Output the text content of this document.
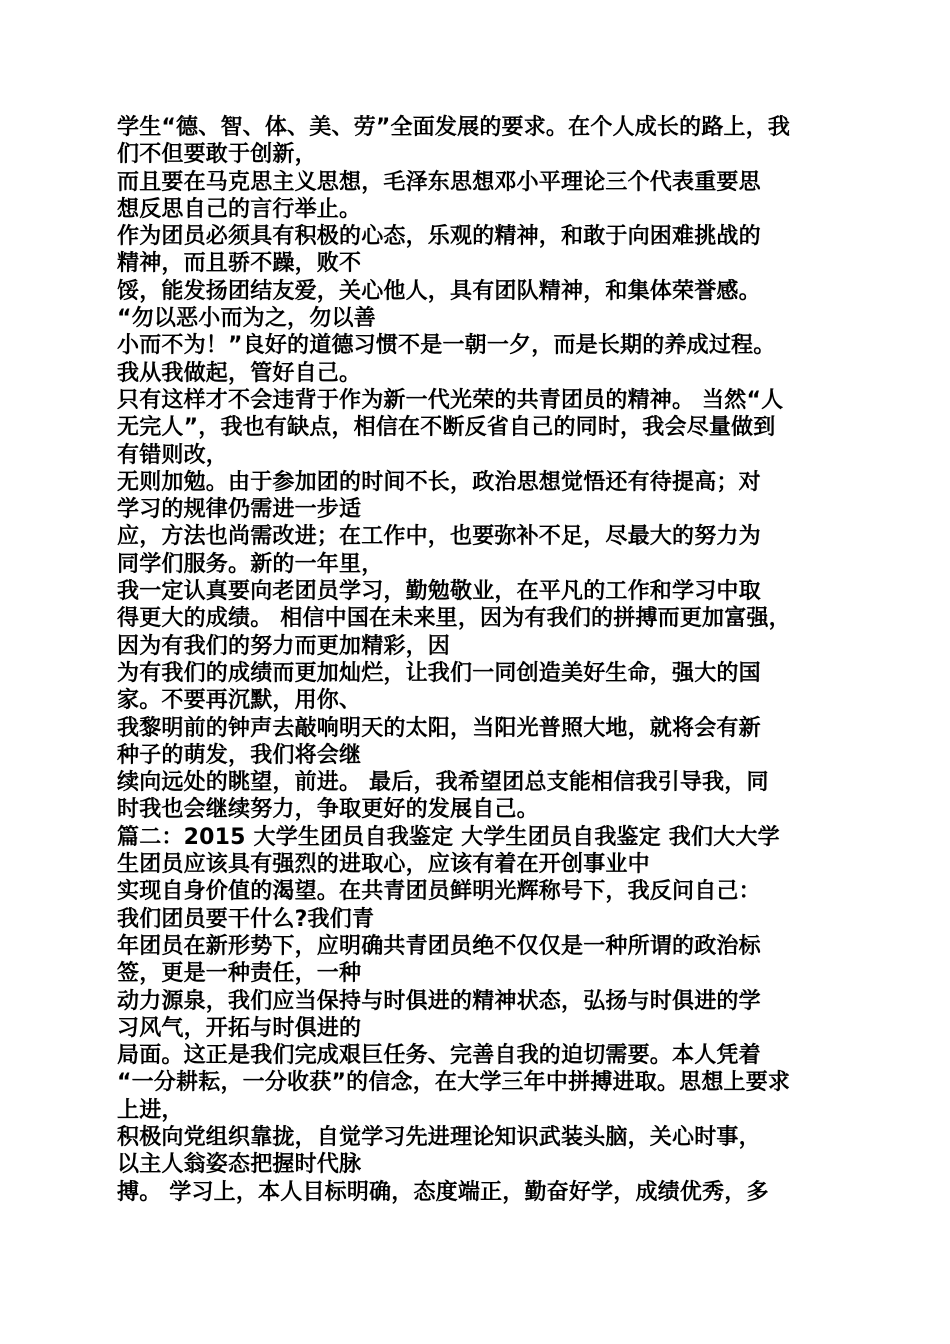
学生“德、智、体、美、劳”全面发展的要求。在个人成长的路上，我
们不但要敢于创新，
而且要在马克思主义思想，毛泽东思想邓小平理论三个代表重要思
想反思自己的言行举止。
作为团员必须具有积极的心态，乐观的精神，和敢于向困难挑战的
精神，而且骄不躁，败不
馁，能发扬团结友爱，关心他人，具有团队精神，和集体荣誉感。
“勿以恶小而为之，勿以善
小而不为！”良好的道德习惯不是一朝一夕，而是长期的养成过程。
我从我做起，管好自己。
只有这样才不会违背于作为新一代光荣的共青团员的精神。 当然“人
无完人”，我也有缺点，相信在不断反省自己的同时，我会尽量做到
有错则改，
无则加勉。由于参加团的时间不长，政治思想觉悟还有待提高；对
学习的规律仍需进一步适
应，方法也尚需改进；在工作中，也要弥补不足，尽最大的努力为
同学们服务。新的一年里，
我一定认真要向老团员学习，勤勉敬业，在平凡的工作和学习中取
得更大的成绩。 相信中国在未来里，因为有我们的拼搏而更加富强，
因为有我们的努力而更加精彩，因
为有我们的成绩而更加灿烂，让我们一同创造美好生命，强大的国
家。不要再沉默，用你、
我黎明前的钟声去敲响明天的太阳，当阳光普照大地，就将会有新
种子的萌发，我们将会继
续向远处的眺望，前进。 最后，我希望团总支能相信我引导我，同
时我也会继续努力，争取更好的发展自己。
篇二：2015 大学生团员自我鉴定 大学生团员自我鉴定 我们大大学
生团员应该具有强烈的进取心，应该有着在开创事业中
实现自身价值的渴望。在共青团员鲜明光辉称号下，我反问自己：
我们团员要干什么?我们青
年团员在新形势下，应明确共青团员绝不仅仅是一种所谓的政治标
签，更是一种责任，一种
动力源泉，我们应当保持与时俱进的精神状态，弘扬与时俱进的学
习风气，开拓与时俱进的
局面。这正是我们完成艰巨任务、完善自我的迫切需要。本人凭着
“一分耕耘，一分收获”的信念，在大学三年中拼搏进取。思想上要求
上进，
积极向党组织靠拢，自觉学习先进理论知识武装头脑，关心时事，
以主人翁姿态把握时代脉
搏。 学习上，本人目标明确，态度端正，勤奋好学，成绩优秀，多
